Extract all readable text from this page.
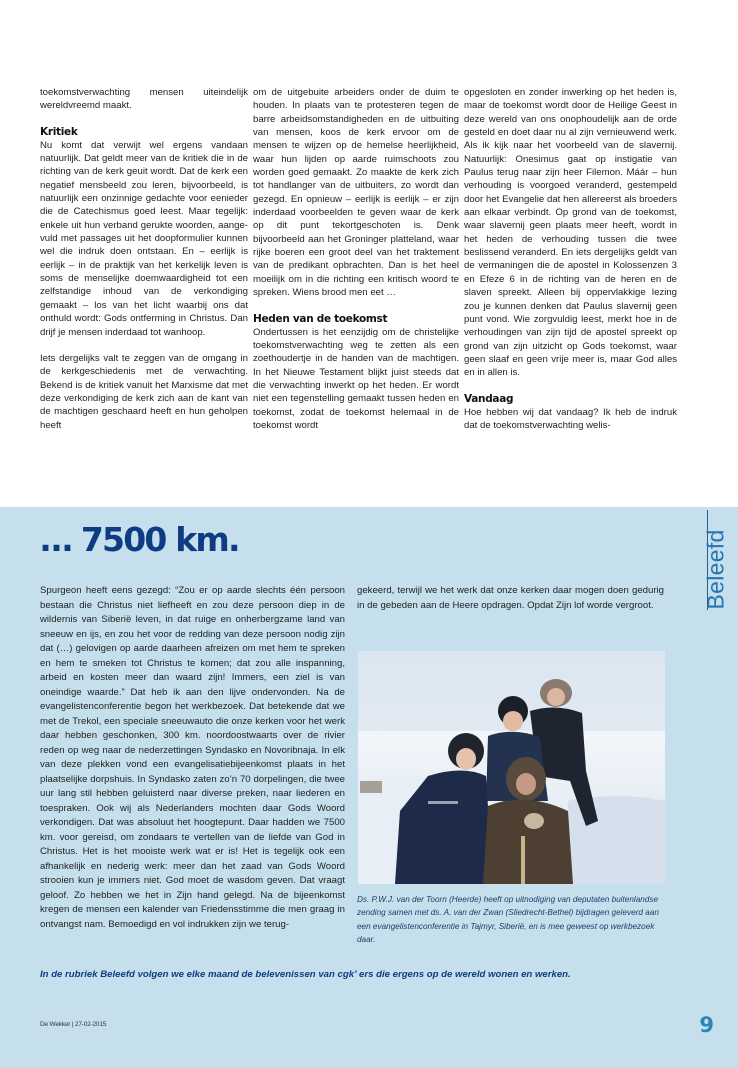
toekomstverwachting mensen uiteindelijk wereldvreemd maakt.

Kritiek

Nu komt dat verwijt wel ergens vandaan natuurlijk. Dat geldt meer van de kritiek die in de richting van de kerk geuit wordt. Dat de kerk een negatief mensbeeld zou leren, bijvoorbeeld, is natuurlijk een onzinnige gedachte voor eenieder die de Catechismus goed leest. Maar tegelijk: enkele uit hun verband gerukte woorden, aangevuld met passages uit het doopformulier kunnen wel die indruk doen ontstaan. En – eerlijk is eerlijk – in de praktijk van het kerkelijk leven is soms de menselijke doemwaardigheid tot een zelfstandige inhoud van de verkondiging gemaakt – los van het licht waarbij ons dat onthuld wordt: Gods ontferming in Christus. Dan drijf je mensen inderdaad tot wanhoop.

Iets dergelijks valt te zeggen van de omgang in de kerkgeschiedenis met de verwachting. Bekend is de kritiek vanuit het Marxisme dat met deze verkondiging de kerk zich aan de kant van de machtigen geschaard heeft en hun geholpen heeft

om de uitgebuite arbeiders onder de duim te houden. In plaats van te protesteren tegen de barre arbeidsomstandigheden en de uitbuiting van mensen, koos de kerk ervoor om de mensen te wijzen op de hemelse heerlijkheid, waar hun lijden op aarde ruimschoots zou worden goed gemaakt. Zo maakte de kerk zich tot handlanger van de uitbuiters, zo wordt dan gezegd. En opnieuw – eerlijk is eerlijk – er zijn inderdaad voorbeelden te geven waar de kerk op dit punt tekortgeschoten is. Denk bijvoorbeeld aan het Groninger platteland, waar rijke boeren een groot deel van het traktement van de predikant opbrachten. Dan is het heel moeilijk om in die richting een kritisch woord te spreken. Wiens brood men eet …

Heden van de toekomst

Ondertussen is het eenzijdig om de christelijke toekomstverwachting weg te zetten als een zoethoudertje in de handen van de machtigen. In het Nieuwe Testament blijkt juist steeds dat die verwachting inwerkt op het heden. Er wordt niet een tegenstelling gemaakt tussen heden en toekomst, zodat de toekomst helemaal in de toekomst wordt

opgesloten en zonder inwerking op het heden is, maar de toekomst wordt door de Heilige Geest in deze wereld van ons onophoudelijk aan de orde gesteld en doet daar nu al zijn vernieuwend werk. Als ik kijk naar het voorbeeld van de slavernij. Natuurlijk: Onesimus gaat op instigatie van Paulus terug naar zijn heer Filemon. Máár – hun verhouding is voorgoed veranderd, gestempeld door het Evangelie dat hen allereerst als broeders aan elkaar verbindt. Op grond van de toekomst, waar slavernij geen plaats meer heeft, wordt in het heden de verhouding tussen die twee beslissend veranderd. En iets dergelijks geldt van de vermaningen die de apostel in Kolossenzen 3 en Efeze 6 in de richting van de heren en de slaven spreekt. Alleen bij oppervlakkige lezing zou je kunnen denken dat Paulus slavernij geen punt vond. Wie zorgvuldig leest, merkt hoe in de verhoudingen van zijn tijd de apostel spreekt op grond van zijn uitzicht op Gods toekomst, waar geen slaaf en geen vrije meer is, maar God alles en in allen is.

Vandaag

Hoe hebben wij dat vandaag? Ik heb de indruk dat de toekomstverwachting welis-

… 7500 km.	Beleefd
Spurgeon heeft eens gezegd: “Zou er op aarde slechts één persoon bestaan die Christus niet liefheeft en zou deze persoon diep in de wildernis van Siberië leven, in dat ruige en onherbergzame land van sneeuw en ijs, en zou het voor de redding van deze persoon nodig zijn dat (…) gelovigen op aarde daarheen afreizen om met hem te spreken en hem te smeken tot Christus te komen; dat zou alle inspanning, arbeid en kosten meer dan waard zijn! Immers, een ziel is van oneindige waarde.” Dat heb ik aan den lijve ondervonden. Na de evangelistenconferentie begon het werkbezoek. Dat betekende dat we met de Trekol, een speciale sneeuwauto die onze kerken voor het werk daar hebben geschonken, 300 km. noordoostwaarts over de rivier reden op weg naar de nederzettingen Syndasko en Novoribnaja. In elk van deze plekken vond een evangelisatiebijeenkomst plaats in het plaatselijke dorpshuis. In Syndasko zaten zo’n 70 dorpelingen, die twee uur lang stil hebben geluisterd naar diverse preken, naar liederen en toespraken. Ook wij als Nederlanders mochten daar Gods Woord verkondigen. Dat was absoluut het hoogtepunt. Daar hadden we 7500 km. voor gereisd, om zondaars te vertellen van de liefde van God in Christus. Het is het mooiste werk wat er is! Het is tegelijk ook een afhankelijk en nederig werk: meer dan het zaad van Gods Woord strooien kun je immers niet. God moet de wasdom geven. Dat vraagt geloof. Zo hebben we het in Zijn hand gelegd. Na de bijeenkomst kregen de mensen een kalender van Friedensstimme die men graag in ontvangst nam. Bemoedigd en vol indrukken zijn we terug-
gekeerd, terwijl we het werk dat onze kerken daar mogen doen gedurig in de gebeden aan de Heere opdragen. Opdat Zijn lof worde vergroot.
Ds. P.W.J. van der Toorn (Heerde) heeft op uitnodiging van deputaten buitenlandse zending samen met ds. A. van der Zwan (Sliedrecht-Bethel) bijdragen geleverd aan een evangelistenconferentie in Tajmyr, Siberië, en is mee geweest op werkbezoek daar.
In de rubriek Beleefd volgen we elke maand de belevenissen van cgk’ ers die ergens op de wereld wonen en werken.
De Wekker | 27-02-2015	9
